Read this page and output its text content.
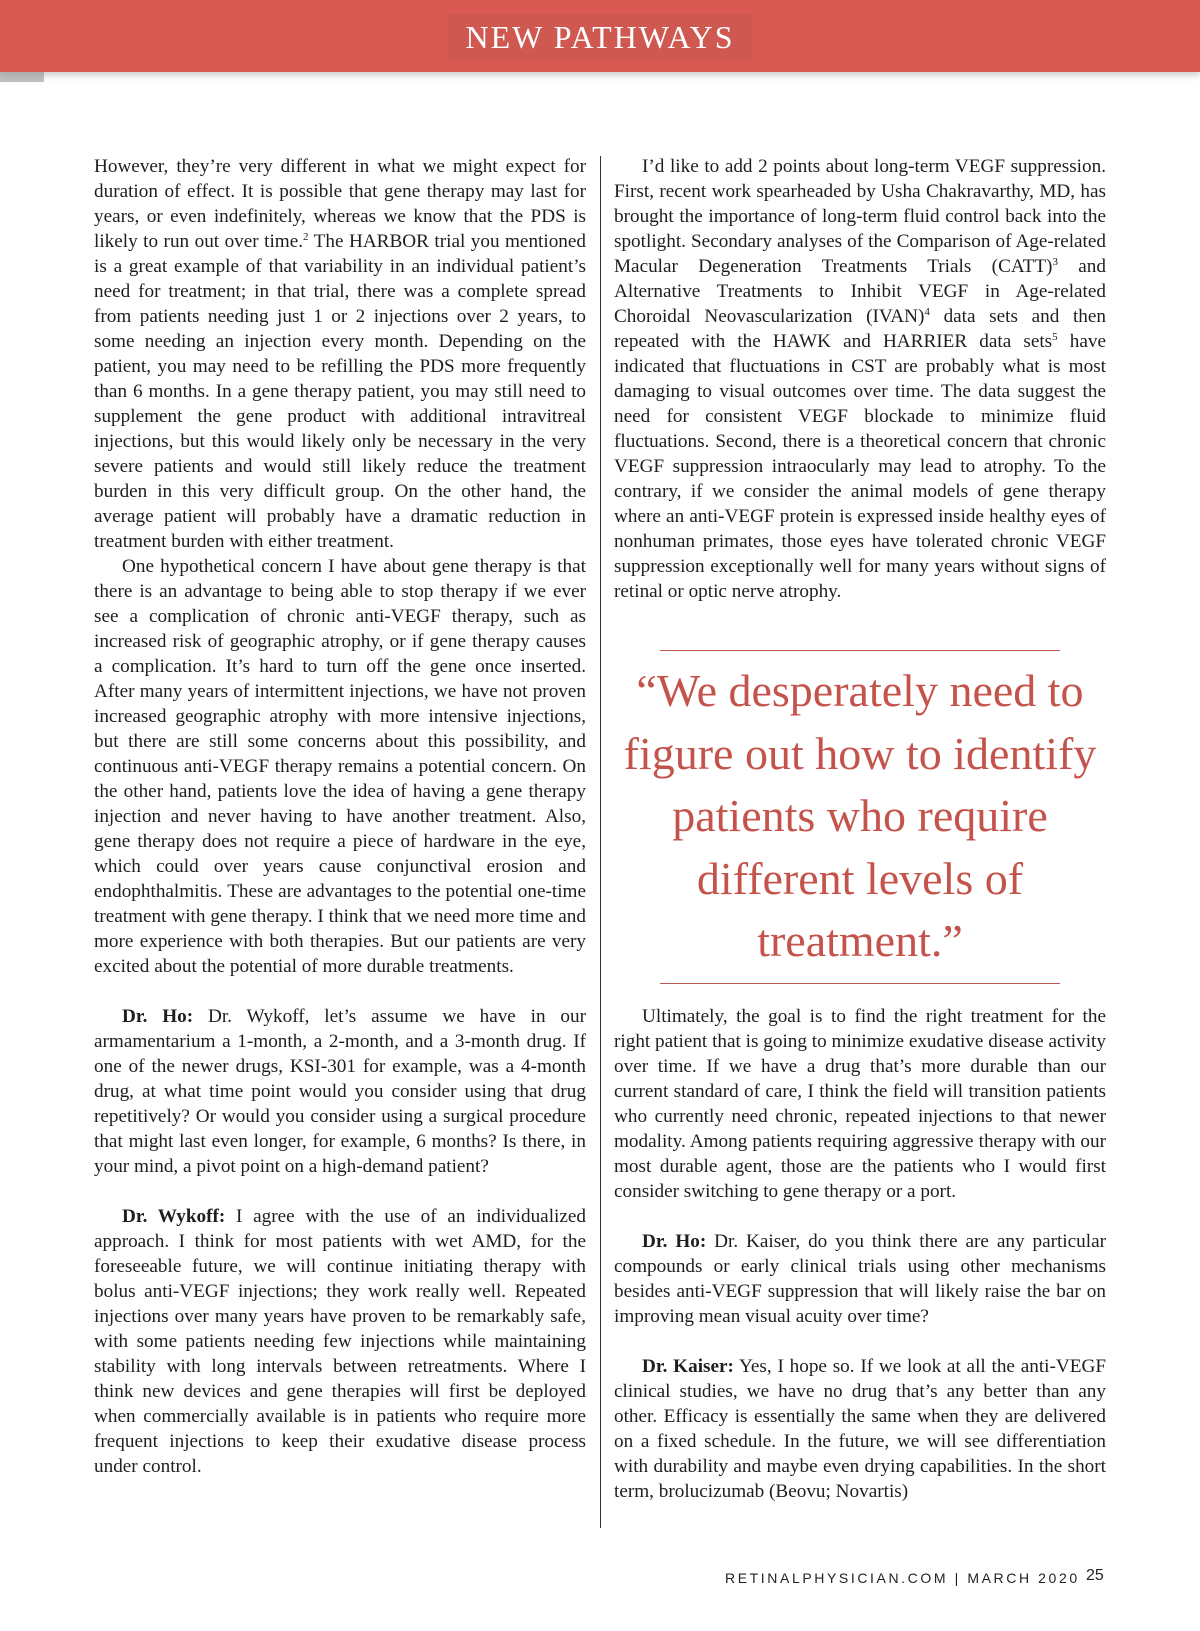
NEW PATHWAYS

However, they’re very different in what we might expect for duration of effect. It is possible that gene therapy may last for years, or even indefinitely, whereas we know that the PDS is likely to run out over time.$^2$ The HARBOR trial you mentioned is a great example of that variability in an individual patient’s need for treatment; in that trial, there was a complete spread from patients needing just 1 or 2 injections over 2 years, to some needing an injection every month. Depending on the patient, you may need to be refilling the PDS more frequently than 6 months. In a gene therapy patient, you may still need to supplement the gene product with additional intravitreal injections, but this would likely only be necessary in the very severe patients and would still likely reduce the treatment burden in this very difficult group. On the other hand, the average patient will probably have a dramatic reduction in treatment burden with either treatment.

One hypothetical concern I have about gene therapy is that there is an advantage to being able to stop therapy if we ever see a complication of chronic anti-VEGF therapy, such as increased risk of geographic atrophy, or if gene therapy causes a complication. It’s hard to turn off the gene once inserted. After many years of intermittent injections, we have not proven increased geographic atrophy with more intensive injections, but there are still some concerns about this possibility, and continuous anti-VEGF therapy remains a potential concern. On the other hand, patients love the idea of having a gene therapy injection and never having to have another treatment. Also, gene therapy does not require a piece of hardware in the eye, which could over years cause conjunctival erosion and endophthalmitis. These are advantages to the potential one-time treatment with gene therapy. I think that we need more time and more experience with both therapies. But our patients are very excited about the potential of more durable treatments.

Dr. Ho: Dr. Wykoff, let’s assume we have in our armamentarium a 1-month, a 2-month, and a 3-month drug. If one of the newer drugs, KSI-301 for example, was a 4-month drug, at what time point would you consider using that drug repetitively? Or would you consider using a surgical procedure that might last even longer, for example, 6 months? Is there, in your mind, a pivot point on a high-demand patient?

Dr. Wykoff: I agree with the use of an individualized approach. I think for most patients with wet AMD, for the foreseeable future, we will continue initiating therapy with bolus anti-VEGF injections; they work really well. Repeated injections over many years have proven to be remarkably safe, with some patients needing few injections while maintaining stability with long intervals between retreatments. Where I think new devices and gene therapies will first be deployed when commercially available is in patients who require more frequent injections to keep their exudative disease process under control.

I’d like to add 2 points about long-term VEGF suppression. First, recent work spearheaded by Usha Chakravarthy, MD, has brought the importance of long-term fluid control back into the spotlight. Secondary analyses of the Comparison of Age-related Macular Degeneration Treatments Trials (CATT)$^3$ and Alternative Treatments to Inhibit VEGF in Age-related Choroidal Neovascularization (IVAN)$^4$ data sets and then repeated with the HAWK and HARRIER data sets$^5$ have indicated that fluctuations in CST are probably what is most damaging to visual outcomes over time. The data suggest the need for consistent VEGF blockade to minimize fluid fluctuations. Second, there is a theoretical concern that chronic VEGF suppression intraocularly may lead to atrophy. To the contrary, if we consider the animal models of gene therapy where an anti-VEGF protein is expressed inside healthy eyes of nonhuman primates, those eyes have tolerated chronic VEGF suppression exceptionally well for many years without signs of retinal or optic nerve atrophy.

“We desperately need to figure out how to identify patients who require different levels of treatment.”

Ultimately, the goal is to find the right treatment for the right patient that is going to minimize exudative disease activity over time. If we have a drug that’s more durable than our current standard of care, I think the field will transition patients who currently need chronic, repeated injections to that newer modality. Among patients requiring aggressive therapy with our most durable agent, those are the patients who I would first consider switching to gene therapy or a port.

Dr. Ho: Dr. Kaiser, do you think there are any particular compounds or early clinical trials using other mechanisms besides anti-VEGF suppression that will likely raise the bar on improving mean visual acuity over time?

Dr. Kaiser: Yes, I hope so. If we look at all the anti-VEGF clinical studies, we have no drug that’s any better than any other. Efficacy is essentially the same when they are delivered on a fixed schedule. In the future, we will see differentiation with durability and maybe even drying capabilities. In the short term, brolucizumab (Beovu; Novartis)

RETINALPHYSICIAN.COM | MARCH 2020 25
